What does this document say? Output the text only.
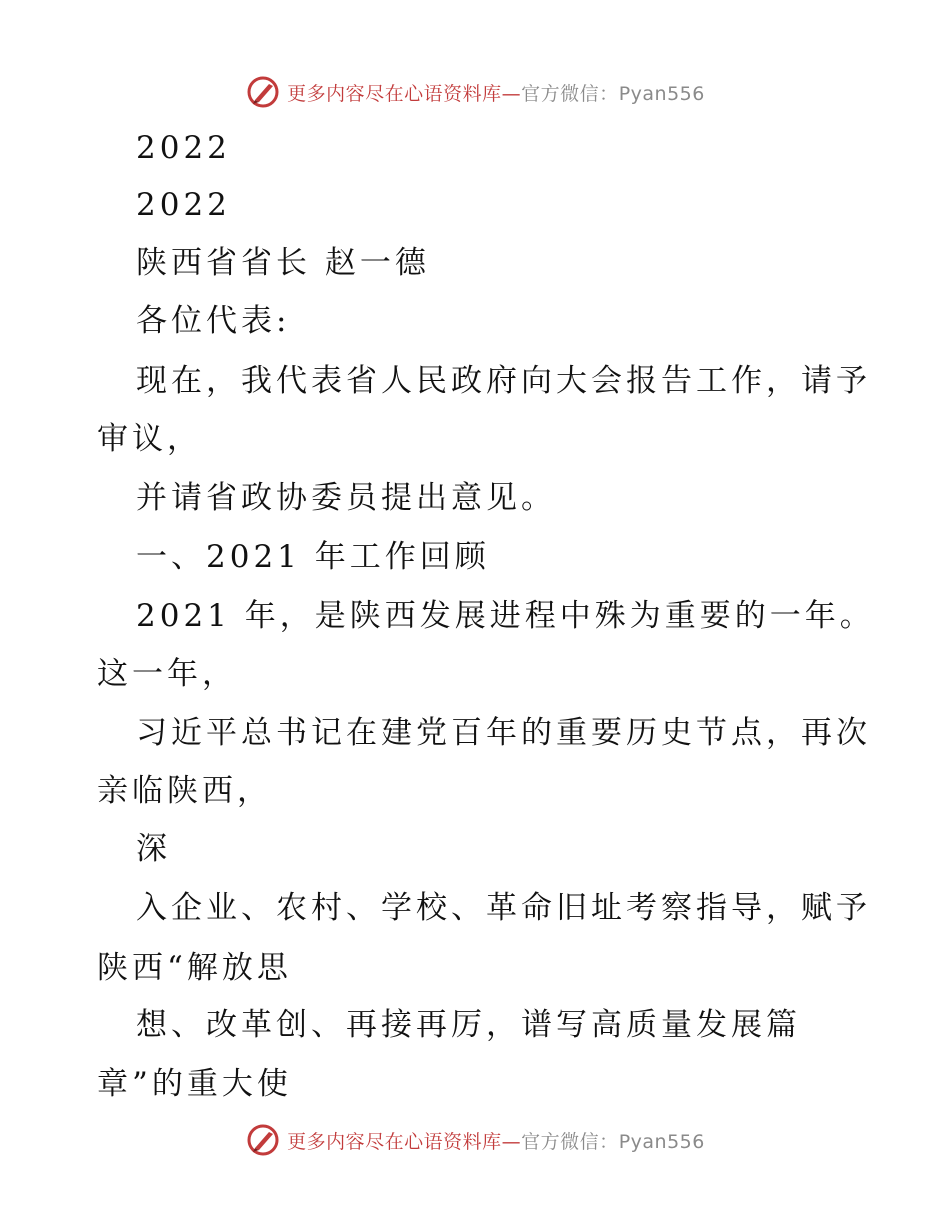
更多内容尽在心语资料库—官方微信：Pyan556
2022
2022
陕西省省长 赵一德
各位代表:
现在，我代表省人民政府向大会报告工作，请予
审议，
并请省政协委员提出意见。
一、2021 年工作回顾
2021 年，是陕西发展进程中殊为重要的一年。
这一年，
习近平总书记在建党百年的重要历史节点，再次
亲临陕西，
深
入企业、农村、学校、革命旧址考察指导，赋予
陕西“解放思
想、改革创、再接再厉，谱写高质量发展篇
章”的重大使
更多内容尽在心语资料库—官方微信：Pyan556
